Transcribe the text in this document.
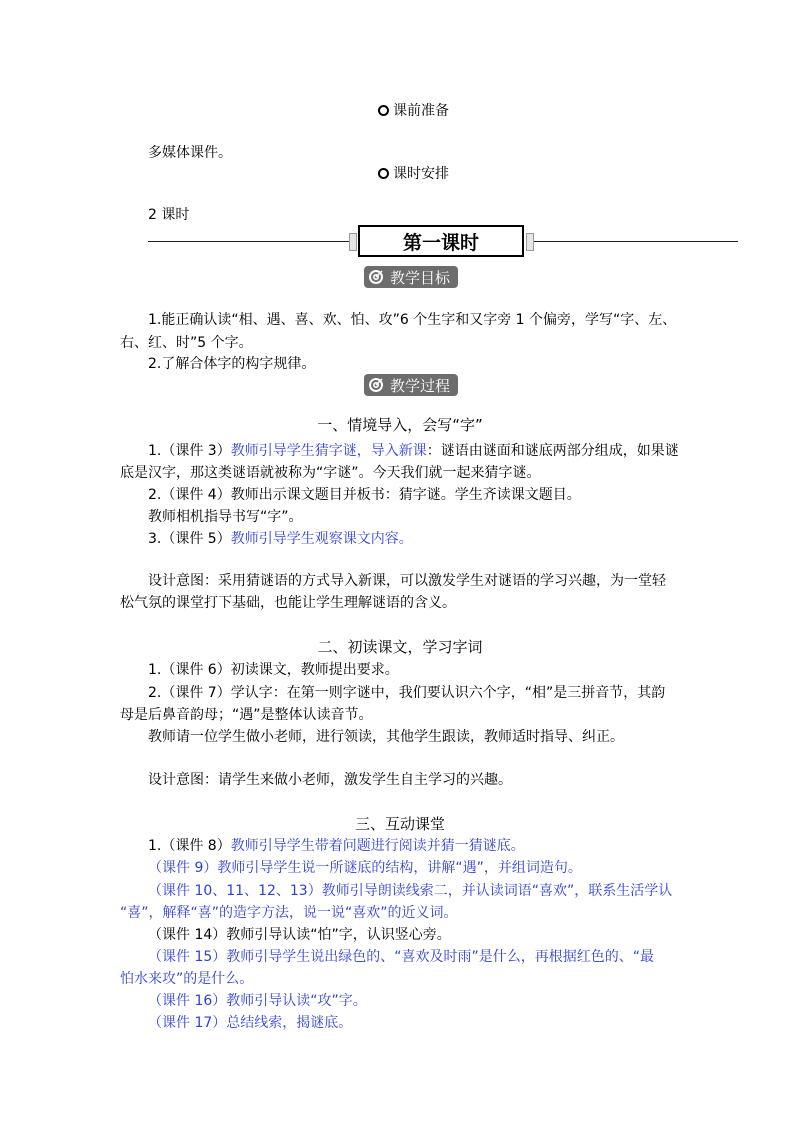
课前准备
多媒体课件。
课时安排
2 课时
第一课时
教学目标
1.能正确认读“相、遇、喜、欢、怕、攻”6 个生字和又字旁 1 个偏旁，学写“字、左、
右、红、时”5 个字。
2.了解合体字的构字规律。
教学过程
一、情境导入，会写“字”
1.（课件 3）教师引导学生猜字谜，导入新课：谜语由谜面和谜底两部分组成，如果谜
底是汉字，那这类谜语就被称为“字谜”。今天我们就一起来猜字谜。
2.（课件 4）教师出示课文题目并板书：猜字谜。学生齐读课文题目。
教师相机指导书写“字”。
3.（课件 5）教师引导学生观察课文内容。
设计意图：采用猜谜语的方式导入新课，可以激发学生对谜语的学习兴趣，为一堂轻
松气氛的课堂打下基础，也能让学生理解谜语的含义。
二、初读课文，学习字词
1.（课件 6）初读课文，教师提出要求。
2.（课件 7）学认字：在第一则字谜中，我们要认识六个字，“相”是三拼音节，其韵
母是后鼻音韵母；“遇”是整体认读音节。
教师请一位学生做小老师，进行领读，其他学生跟读，教师适时指导、纠正。
设计意图：请学生来做小老师，激发学生自主学习的兴趣。
三、互动课堂
1.（课件 8）教师引导学生带着问题进行阅读并猜一猜谜底。
（课件 9）教师引导学生说一所谜底的结构，讲解“遇”，并组词造句。
（课件 10、11、12、13）教师引导朗读线索二，并认读词语“喜欢”，联系生活学认
“喜”，解释“喜”的造字方法，说一说“喜欢”的近义词。
（课件 14）教师引导认读“怕”字，认识竖心旁。
（课件 15）教师引导学生说出绿色的、“喜欢及时雨”是什么，再根据红色的、“最
怕水来攻”的是什么。
（课件 16）教师引导认读“攻”字。
（课件 17）总结线索，揭谜底。
